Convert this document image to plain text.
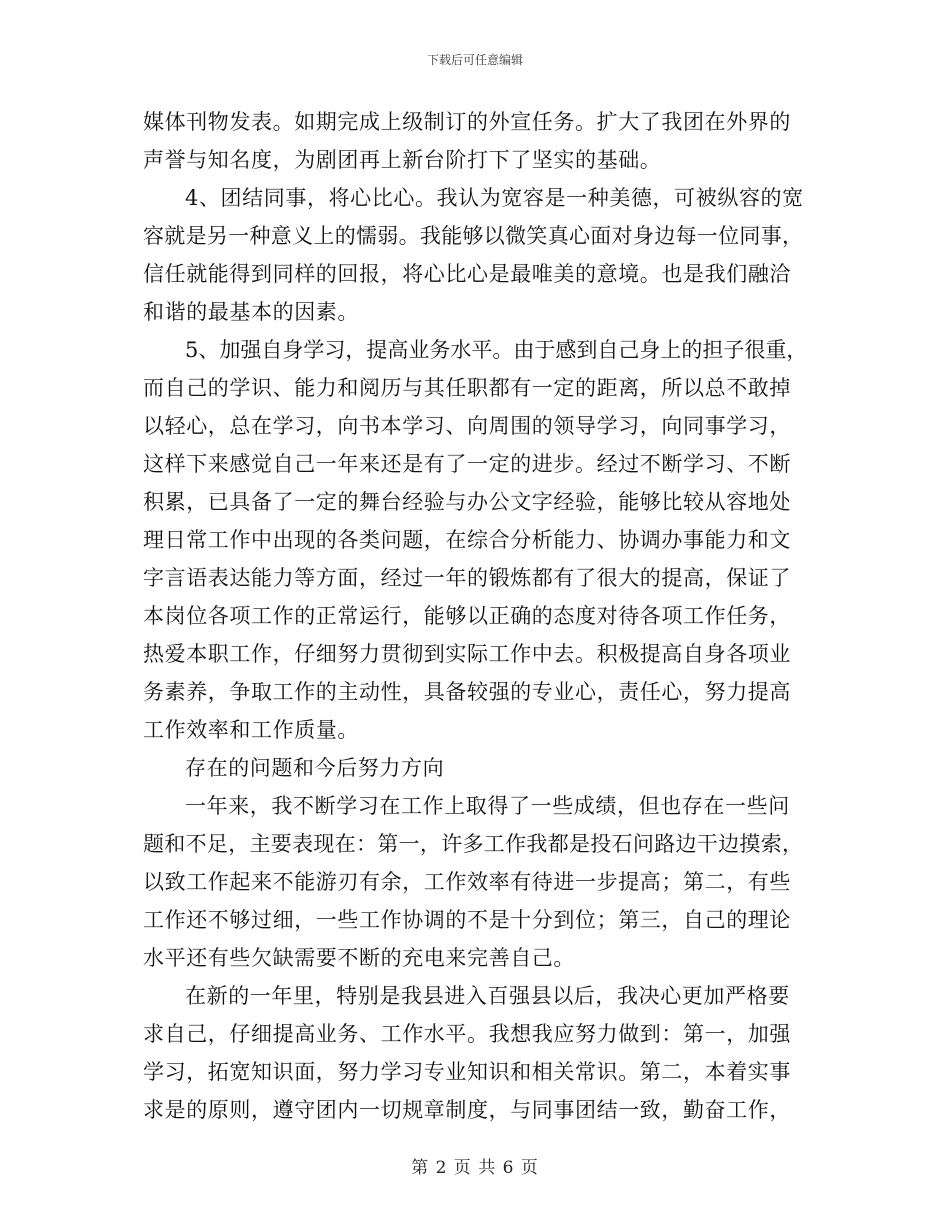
下载后可任意编辑
媒体刊物发表。如期完成上级制订的外宣任务。扩大了我团在外界的
声誉与知名度，为剧团再上新台阶打下了坚实的基础。
4、团结同事，将心比心。我认为宽容是一种美德，可被纵容的宽
容就是另一种意义上的懦弱。我能够以微笑真心面对身边每一位同事，
信任就能得到同样的回报，将心比心是最唯美的意境。也是我们融洽
和谐的最基本的因素。
5、加强自身学习，提高业务水平。由于感到自己身上的担子很重，
而自己的学识、能力和阅历与其任职都有一定的距离，所以总不敢掉
以轻心，总在学习，向书本学习、向周围的领导学习，向同事学习，
这样下来感觉自己一年来还是有了一定的进步。经过不断学习、不断
积累，已具备了一定的舞台经验与办公文字经验，能够比较从容地处
理日常工作中出现的各类问题，在综合分析能力、协调办事能力和文
字言语表达能力等方面，经过一年的锻炼都有了很大的提高，保证了
本岗位各项工作的正常运行，能够以正确的态度对待各项工作任务，
热爱本职工作，仔细努力贯彻到实际工作中去。积极提高自身各项业
务素养，争取工作的主动性，具备较强的专业心，责任心，努力提高
工作效率和工作质量。
存在的问题和今后努力方向
一年来，我不断学习在工作上取得了一些成绩，但也存在一些问
题和不足，主要表现在：第一，许多工作我都是投石问路边干边摸索，
以致工作起来不能游刃有余，工作效率有待进一步提高；第二，有些
工作还不够过细，一些工作协调的不是十分到位；第三，自己的理论
水平还有些欠缺需要不断的充电来完善自己。
在新的一年里，特别是我县进入百强县以后，我决心更加严格要
求自己，仔细提高业务、工作水平。我想我应努力做到：第一，加强
学习，拓宽知识面，努力学习专业知识和相关常识。第二，本着实事
求是的原则，遵守团内一切规章制度，与同事团结一致，勤奋工作，
第 2 页 共 6 页
